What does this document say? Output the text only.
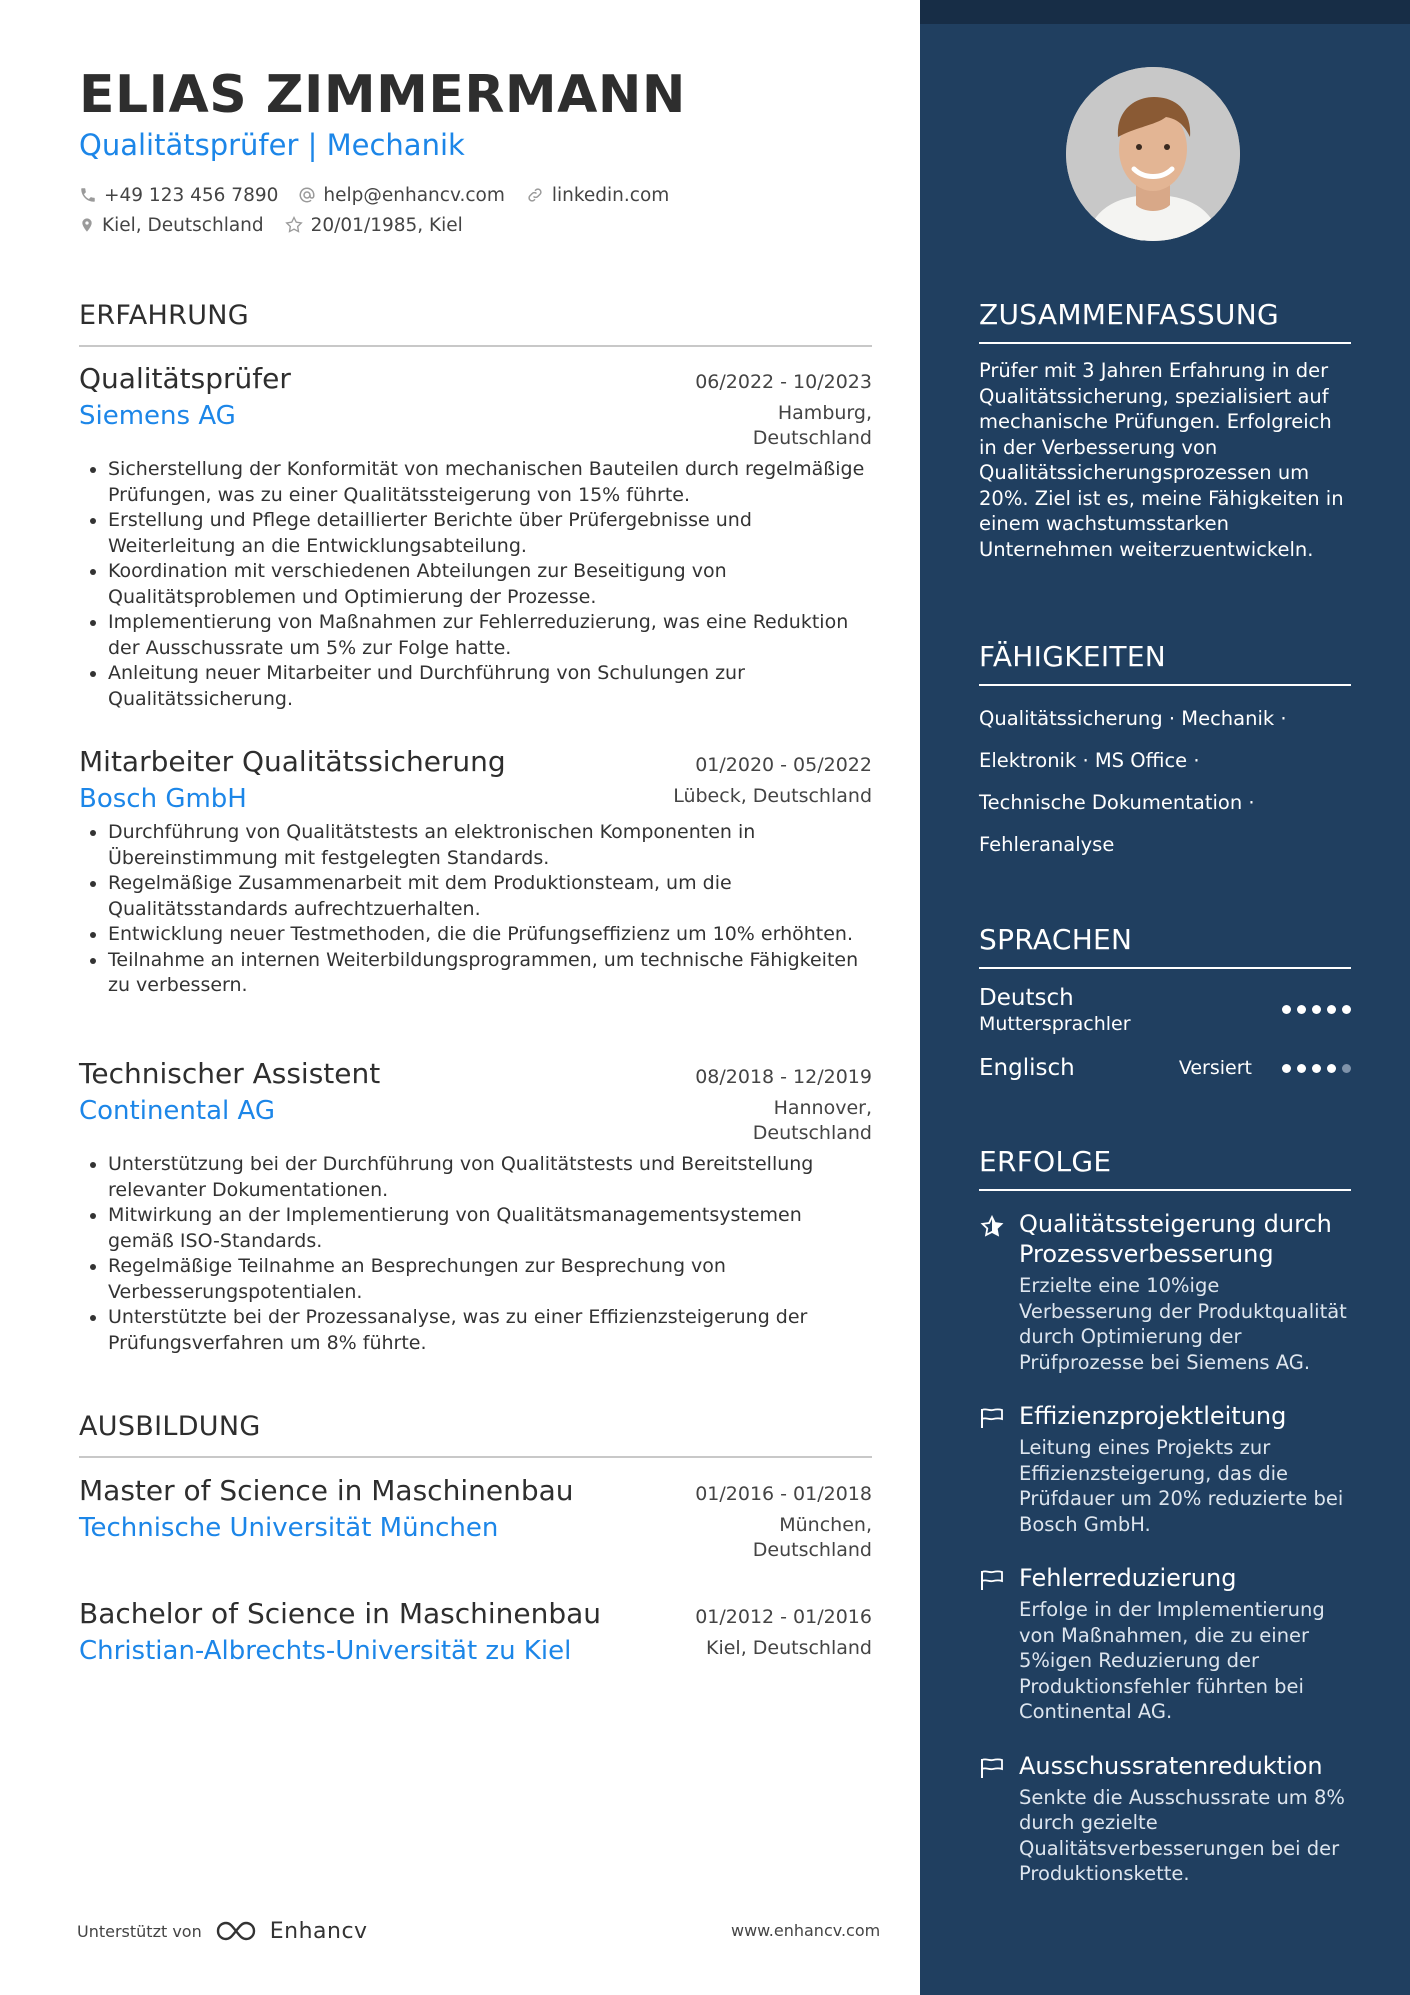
ELIAS ZIMMERMANN
Qualitätsprüfer | Mechanik
+49 123 456 7890 help@enhancv.com	linkedin.com
Kiel, Deutschland	20/01/1985, Kiel
ERFAHRUNG
Qualitätsprüfer	06/2022 - 10/2023
Siemens AG	Hamburg,
Deutschland
• Sicherstellung der Konformität von mechanischen Bauteilen durch regelmäßige Prüfungen, was zu einer Qualitätssteigerung von 15% führte.
• Erstellung und Pflege detaillierter Berichte über Prüfergebnisse und Weiterleitung an die Entwicklungsabteilung.
• Koordination mit verschiedenen Abteilungen zur Beseitigung von Qualitätsproblemen und Optimierung der Prozesse.
• Implementierung von Maßnahmen zur Fehlerreduzierung, was eine Reduktion der Ausschussrate um 5% zur Folge hatte.
• Anleitung neuer Mitarbeiter und Durchführung von Schulungen zur Qualitätssicherung.
Mitarbeiter Qualitätssicherung	01/2020 - 05/2022
Bosch GmbH	Lübeck, Deutschland
• Durchführung von Qualitätstests an elektronischen Komponenten in Übereinstimmung mit festgelegten Standards.
• Regelmäßige Zusammenarbeit mit dem Produktionsteam, um die Qualitätsstandards aufrechtzuerhalten.
• Entwicklung neuer Testmethoden, die die Prüfungseffizienz um 10% erhöhten.
• Teilnahme an internen Weiterbildungsprogrammen, um technische Fähigkeiten zu verbessern.
Technischer Assistent	08/2018 - 12/2019
Continental AG	Hannover,
Deutschland
• Unterstützung bei der Durchführung von Qualitätstests und Bereitstellung relevanter Dokumentationen.
• Mitwirkung an der Implementierung von Qualitätsmanagementsystemen gemäß ISO-Standards.
• Regelmäßige Teilnahme an Besprechungen zur Besprechung von Verbesserungspotentialen.
• Unterstützte bei der Prozessanalyse, was zu einer Effizienzsteigerung der Prüfungsverfahren um 8% führte.
AUSBILDUNG
Master of Science in Maschinenbau	01/2016 - 01/2018
Technische Universität München	München,
Deutschland
Bachelor of Science in Maschinenbau	01/2012 - 01/2016
Christian-Albrechts-Universität zu Kiel	Kiel, Deutschland
Unterstützt von	Enhancv	www.enhancv.com
ZUSAMMENFASSUNG
Prüfer mit 3 Jahren Erfahrung in der Qualitätssicherung, spezialisiert auf mechanische Prüfungen. Erfolgreich in der Verbesserung von Qualitätssicherungsprozessen um 20%. Ziel ist es, meine Fähigkeiten in einem wachstumsstarken Unternehmen weiterzuentwickeln.
FÄHIGKEITEN
Qualitätssicherung · Mechanik ·
Elektronik · MS Office ·
Technische Dokumentation ·
Fehleranalyse
SPRACHEN
Deutsch
Muttersprachler
Englisch	Versiert
ERFOLGE
Qualitätssteigerung durch Prozessverbesserung
Erzielte eine 10%ige Verbesserung der Produktqualität durch Optimierung der Prüfprozesse bei Siemens AG.
Effizienzprojektleitung
Leitung eines Projekts zur Effizienzsteigerung, das die Prüfdauer um 20% reduzierte bei Bosch GmbH.
Fehlerreduzierung
Erfolge in der Implementierung von Maßnahmen, die zu einer 5%igen Reduzierung der Produktionsfehler führten bei Continental AG.
Ausschussratenreduktion
Senkte die Ausschussrate um 8% durch gezielte Qualitätsverbesserungen bei der Produktionskette.
